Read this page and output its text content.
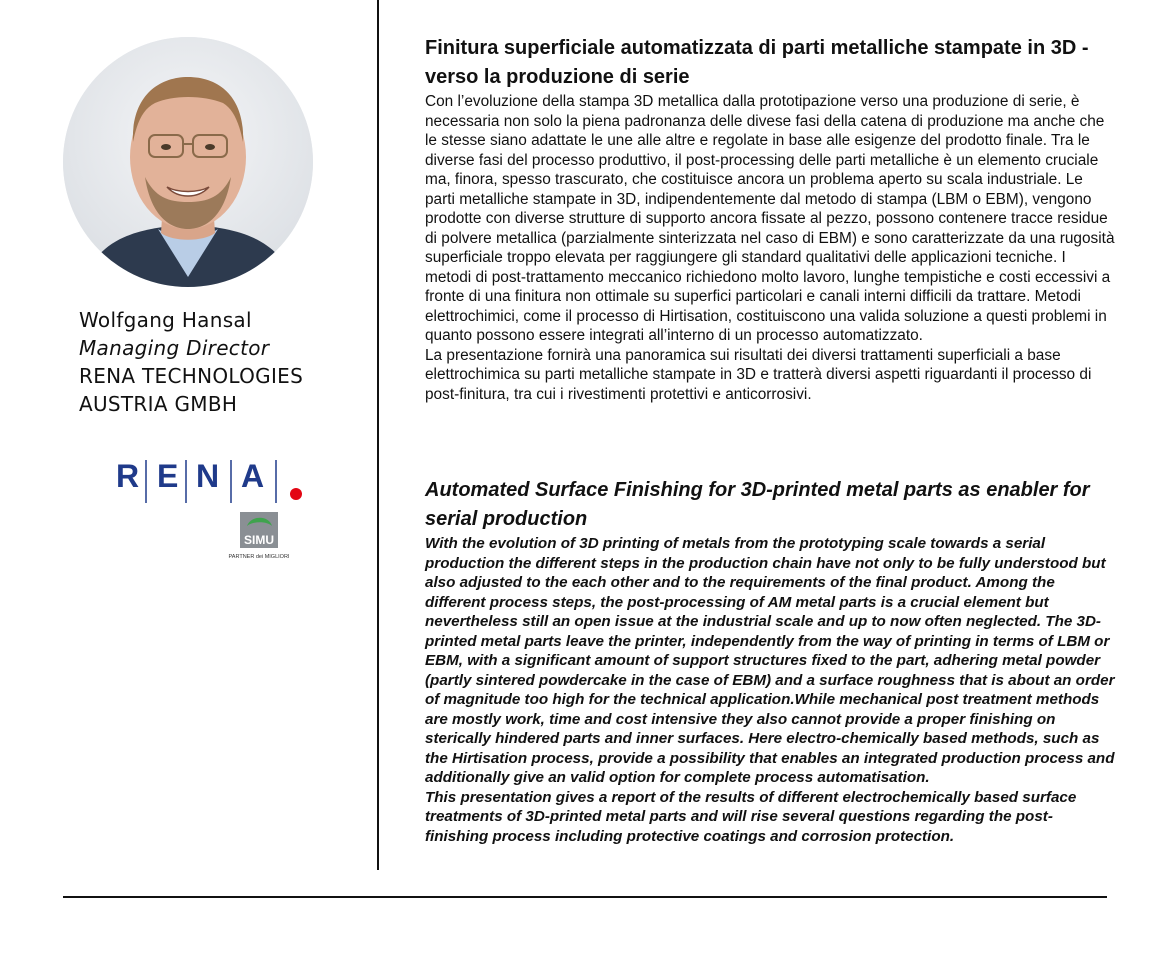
Wolfgang Hansal
Managing Director
RENA TECHNOLOGIES
AUSTRIA GMBH
R E N A
SIMU
PARTNER dei MIGLIORI

Finitura superficiale automatizzata di parti metalliche stampate in 3D - verso la produzione di serie

Con l’evoluzione della stampa 3D metallica dalla prototipazione verso una produzione di serie, è necessaria non solo la piena padronanza delle divese fasi della catena di produzione ma anche che le stesse siano adattate le une alle altre e regolate in base alle esigenze del prodotto finale. Tra le diverse fasi del processo produttivo, il post-processing delle parti metalliche è un elemento cruciale ma, finora, spesso trascurato, che costituisce ancora un problema aperto su scala industriale. Le parti metalliche stampate in 3D, indipendentemente dal metodo di stampa (LBM o EBM), vengono prodotte con diverse strutture di supporto ancora fissate al pezzo, possono contenere tracce residue di polvere metallica (parzialmente sinterizzata nel caso di EBM) e sono caratterizzate da una rugosità superficiale troppo elevata per raggiungere gli standard qualitativi delle applicazioni tecniche. I metodi di post-trattamento meccanico richiedono molto lavoro, lunghe tempistiche e costi eccessivi a fronte di una finitura non ottimale su superfici particolari e canali interni difficili da trattare. Metodi elettrochimici, come il processo di Hirtisation, costituiscono una valida soluzione a questi problemi in quanto possono essere integrati all’interno di un processo automatizzato.

La presentazione fornirà una panoramica sui risultati dei diversi trattamenti superficiali a base elettrochimica su parti metalliche stampate in 3D e tratterà diversi aspetti riguardanti il processo di post-finitura, tra cui i rivestimenti protettivi e anticorrosivi.

Automated Surface Finishing for 3D-printed metal parts as enabler for serial production

With the evolution of 3D printing of metals from the prototyping scale towards a serial production the different steps in the production chain have not only to be fully understood but also adjusted to the each other and to the requirements of the final product. Among the different process steps, the post-processing of AM metal parts is a crucial element but nevertheless still an open issue at the industrial scale and up to now often neglected. The 3D-printed metal parts leave the printer, independently from the way of printing in terms of LBM or EBM, with a significant amount of support structures fixed to the part, adhering metal powder (partly sintered powdercake in the case of EBM) and a surface roughness that is about an order of magnitude too high for the technical application.While mechanical post treatment methods are mostly work, time and cost intensive they also cannot provide a proper finishing on sterically hindered parts and inner surfaces. Here electro-chemically based methods, such as the Hirtisation process, provide a possibility that enables an integrated production process and additionally give an valid option for complete process automatisation.

This presentation gives a report of the results of different electrochemically based surface treatments of 3D-printed metal parts and will rise several questions regarding the post-finishing process including protective coatings and corrosion protection.
